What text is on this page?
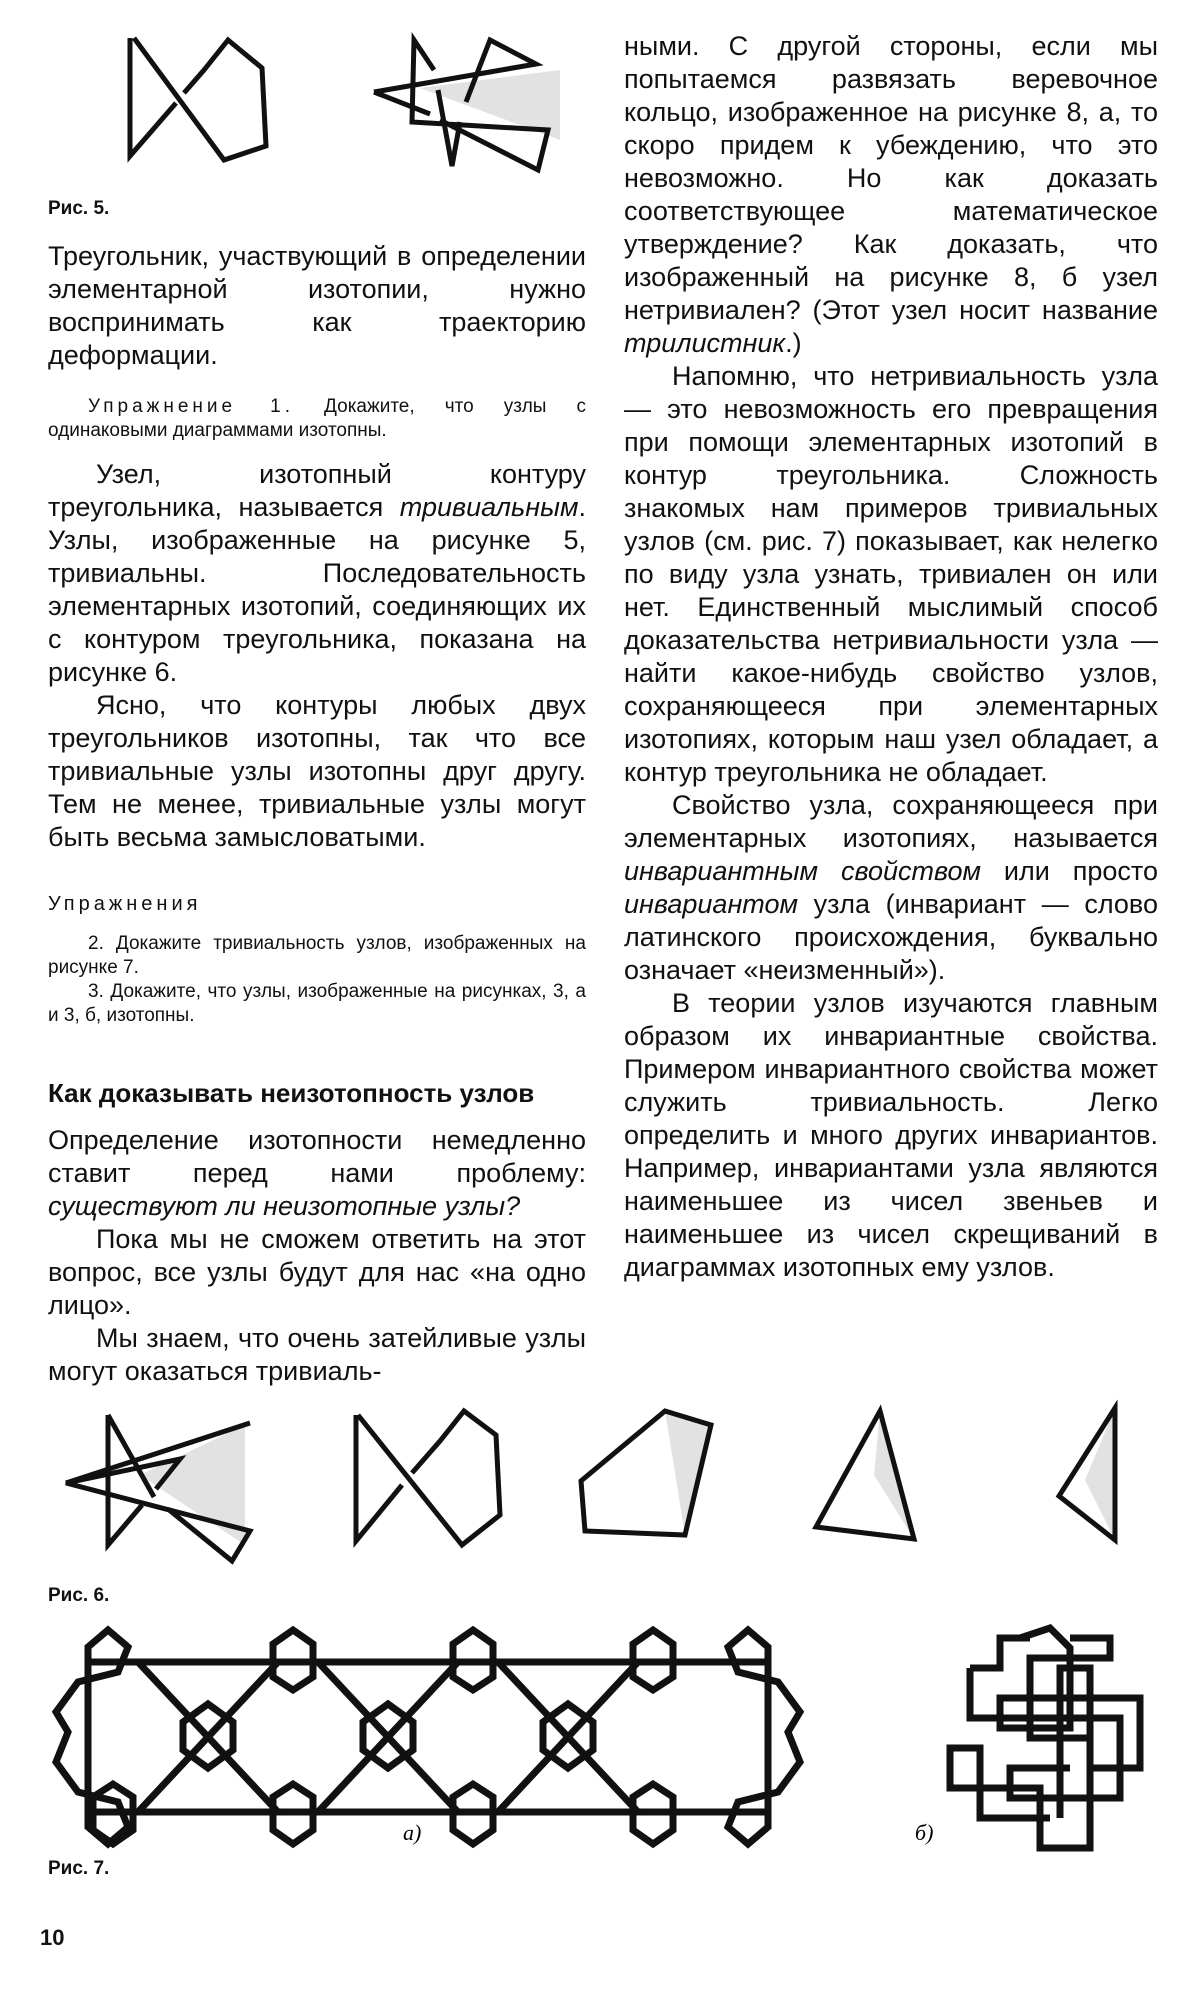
Рис. 5.

Треугольник, участвующий в определении элементарной изотопии, нужно воспринимать как траекторию деформации.

Упражнение 1. Докажите, что узлы с одинаковыми диаграммами изотопны.

Узел, изотопный контуру треугольника, называется тривиальным. Узлы, изображенные на рисунке 5, тривиальны. Последовательность элементарных изотопий, соединяющих их с контуром треугольника, показана на рисунке 6.

Ясно, что контуры любых двух треугольников изотопны, так что все тривиальные узлы изотопны друг другу. Тем не менее, тривиальные узлы могут быть весьма замысловатыми.

Упражнения

2. Докажите тривиальность узлов, изображенных на рисунке 7.

3. Докажите, что узлы, изображенные на рисунках, 3, а и 3, б, изотопны.

Как доказывать неизотопность узлов

Определение изотопности немедленно ставит перед нами проблему: существуют ли неизотопные узлы?

Пока мы не сможем ответить на этот вопрос, все узлы будут для нас «на одно лицо».

Мы знаем, что очень затейливые узлы могут оказаться тривиаль-

ными. С другой стороны, если мы попытаемся развязать веревочное кольцо, изображенное на рисунке 8, а, то скоро придем к убеждению, что это невозможно. Но как доказать соответствующее математическое утверждение? Как доказать, что изображенный на рисунке 8, б узел нетривиален? (Этот узел носит название трилистник.)

Напомню, что нетривиальность узла — это невозможность его превращения при помощи элементарных изотопий в контур треугольника. Сложность знакомых нам примеров тривиальных узлов (см. рис. 7) показывает, как нелегко по виду узла узнать, тривиален он или нет. Единственный мыслимый способ доказательства нетривиальности узла — найти какое-нибудь свойство узлов, сохраняющееся при элементарных изотопиях, которым наш узел обладает, а контур треугольника не обладает.

Свойство узла, сохраняющееся при элементарных изотопиях, называется инвариантным свойством или просто инвариантом узла (инвариант — слово латинского происхождения, буквально означает «неизменный»).

В теории узлов изучаются главным образом их инвариантные свойства. Примером инвариантного свойства может служить тривиальность. Легко определить и много других инвариантов. Например, инвариантами узла являются наименьшее из чисел звеньев и наименьшее из чисел скрещиваний в диаграммах изотопных ему узлов.

Рис. 6.
а)	б)
Рис. 7.
10
